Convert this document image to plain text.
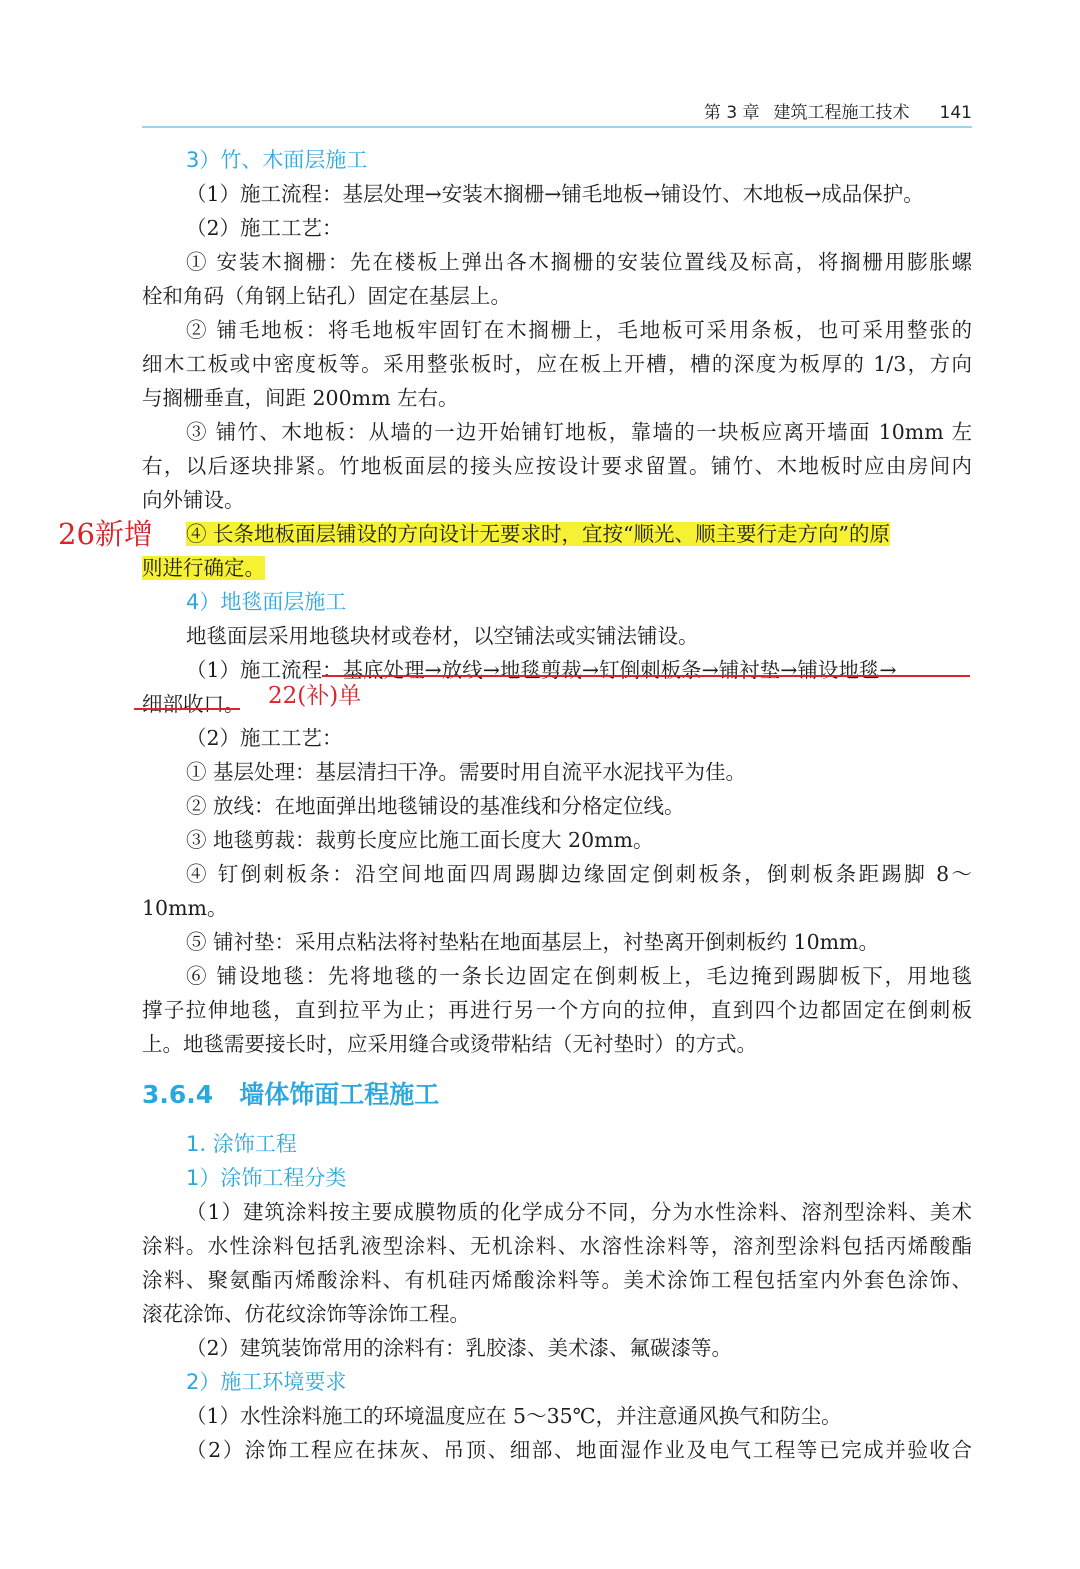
第 3 章 建筑工程施工技术 141
3）竹、木面层施工
（1）施工流程：基层处理→安装木搁栅→铺毛地板→铺设竹、木地板→成品保护。
（2）施工工艺：
① 安装木搁栅：先在楼板上弹出各木搁栅的安装位置线及标高，将搁栅用膨胀螺
栓和角码（角钢上钻孔）固定在基层上。
② 铺毛地板：将毛地板牢固钉在木搁栅上，毛地板可采用条板，也可采用整张的
细木工板或中密度板等。采用整张板时，应在板上开槽，槽的深度为板厚的 1/3，方向
与搁栅垂直，间距 200mm 左右。
③ 铺竹、木地板：从墙的一边开始铺钉地板，靠墙的一块板应离开墙面 10mm 左
右，以后逐块排紧。竹地板面层的接头应按设计要求留置。铺竹、木地板时应由房间内
向外铺设。
26新增 ④ 长条地板面层铺设的方向设计无要求时，宜按“顺光、顺主要行走方向”的原
则进行确定。
4）地毯面层施工
地毯面层采用地毯块材或卷材，以空铺法或实铺法铺设。
（1）施工流程：基底处理→放线→地毯剪裁→钉倒刺板条→铺衬垫→铺设地毯→
细部收口。	22(补)单
（2）施工工艺：
① 基层处理：基层清扫干净。需要时用自流平水泥找平为佳。
② 放线：在地面弹出地毯铺设的基准线和分格定位线。
③ 地毯剪裁：裁剪长度应比施工面长度大 20mm。
④ 钉倒刺板条：沿空间地面四周踢脚边缘固定倒刺板条，倒刺板条距踢脚 8～
10mm。
⑤ 铺衬垫：采用点粘法将衬垫粘在地面基层上，衬垫离开倒刺板约 10mm。
⑥ 铺设地毯：先将地毯的一条长边固定在倒刺板上，毛边掩到踢脚板下，用地毯
撑子拉伸地毯，直到拉平为止；再进行另一个方向的拉伸，直到四个边都固定在倒刺板
上。地毯需要接长时，应采用缝合或烫带粘结（无衬垫时）的方式。
3.6.4 墙体饰面工程施工
1. 涂饰工程
1）涂饰工程分类
（1）建筑涂料按主要成膜物质的化学成分不同，分为水性涂料、溶剂型涂料、美术
涂料。水性涂料包括乳液型涂料、无机涂料、水溶性涂料等，溶剂型涂料包括丙烯酸酯
涂料、聚氨酯丙烯酸涂料、有机硅丙烯酸涂料等。美术涂饰工程包括室内外套色涂饰、
滚花涂饰、仿花纹涂饰等涂饰工程。
（2）建筑装饰常用的涂料有：乳胶漆、美术漆、氟碳漆等。
2）施工环境要求
（1）水性涂料施工的环境温度应在 5～35℃，并注意通风换气和防尘。
（2）涂饰工程应在抹灰、吊顶、细部、地面湿作业及电气工程等已完成并验收合
